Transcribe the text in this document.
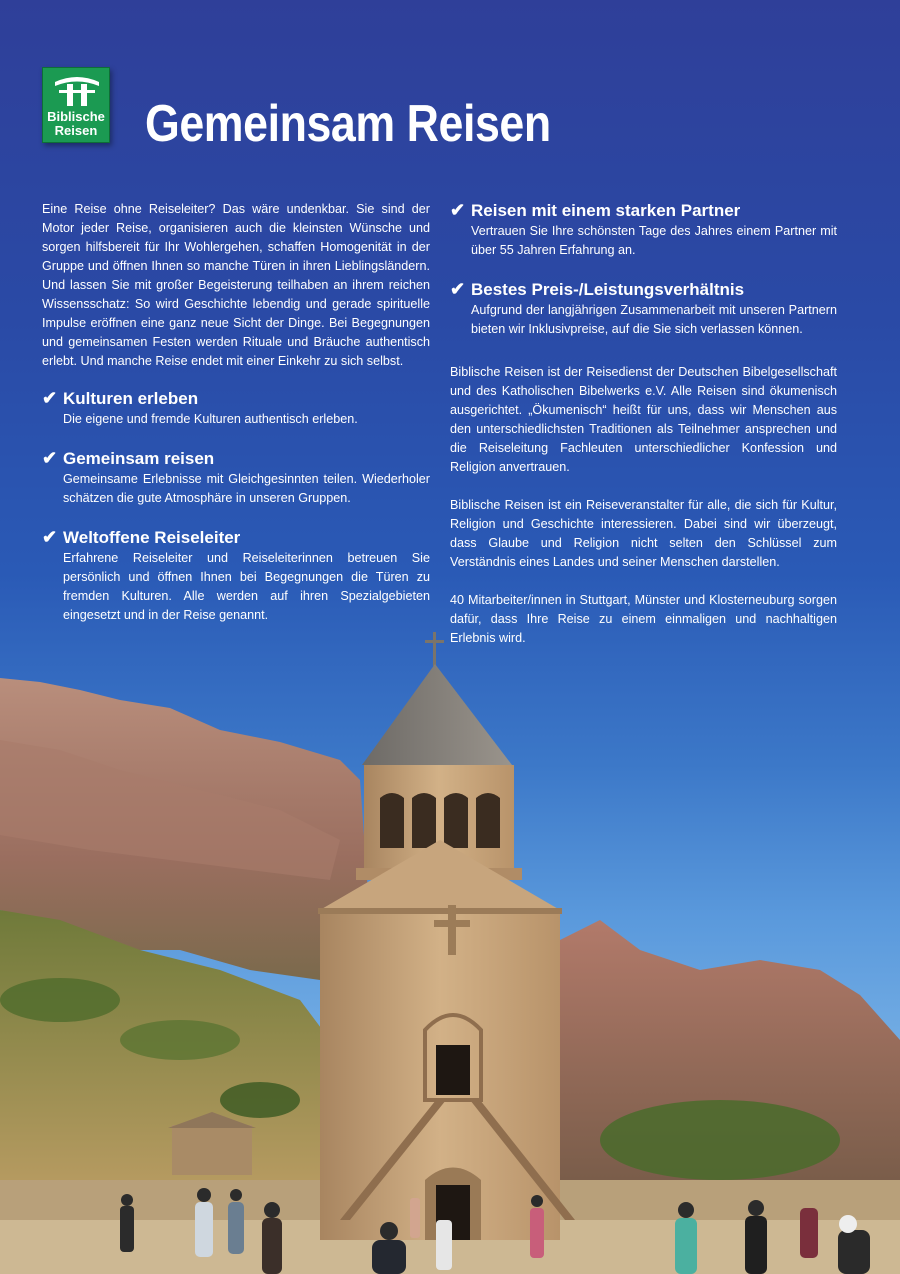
Biblische
Reisen Gemeinsam Reisen

Eine Reise ohne Reiseleiter? Das wäre undenkbar. Sie sind der Motor jeder Reise, organisieren auch die kleinsten Wünsche und sorgen hilfsbereit für Ihr Wohlergehen, schaffen Homogenität in der Gruppe und öffnen Ihnen so manche Türen in ihren Lieblingsländern. Und lassen Sie mit großer Begeisterung teilhaben an ihrem reichen Wissensschatz: So wird Geschichte lebendig und gerade spirituelle Impulse eröffnen eine ganz neue Sicht der Dinge. Bei Begegnungen und gemeinsamen Festen werden Rituale und Bräuche authentisch erlebt. Und manche Reise endet mit einer Einkehr zu sich selbst.

✔ Kulturen erleben

Die eigene und fremde Kulturen authentisch erleben.

✔ Gemeinsam reisen

Gemeinsame Erlebnisse mit Gleichgesinnten teilen. Wiederholer schätzen die gute Atmosphäre in unseren Gruppen.

✔ Weltoffene Reiseleiter

Erfahrene Reiseleiter und Reiseleiterinnen betreuen Sie persönlich und öffnen Ihnen bei Begegnungen die Türen zu fremden Kulturen. Alle werden auf ihren Spezialgebieten eingesetzt und in der Reise genannt.

✔ Reisen mit einem starken Partner

Vertrauen Sie Ihre schönsten Tage des Jahres einem Partner mit über 55 Jahren Erfahrung an.

✔ Bestes Preis-/Leistungsverhältnis

Aufgrund der langjährigen Zusammenarbeit mit unseren Partnern bieten wir Inklusivpreise, auf die Sie sich verlassen können.

Biblische Reisen ist der Reisedienst der Deutschen Bibelgesellschaft und des Katholischen Bibelwerks e.V. Alle Reisen sind ökumenisch ausgerichtet. „Ökumenisch“ heißt für uns, dass wir Menschen aus den unterschiedlichsten Traditionen als Teilnehmer ansprechen und die Reiseleitung Fachleuten unterschiedlicher Konfession und Religion anvertrauen.

Biblische Reisen ist ein Reiseveranstalter für alle, die sich für Kultur, Religion und Geschichte interessieren. Dabei sind wir überzeugt, dass Glaube und Religion nicht selten den Schlüssel zum Verständnis eines Landes und seiner Menschen darstellen.

40 Mitarbeiter/innen in Stuttgart, Münster und Klosterneuburg sorgen dafür, dass Ihre Reise zu einem einmaligen und nachhaltigen Erlebnis wird.
